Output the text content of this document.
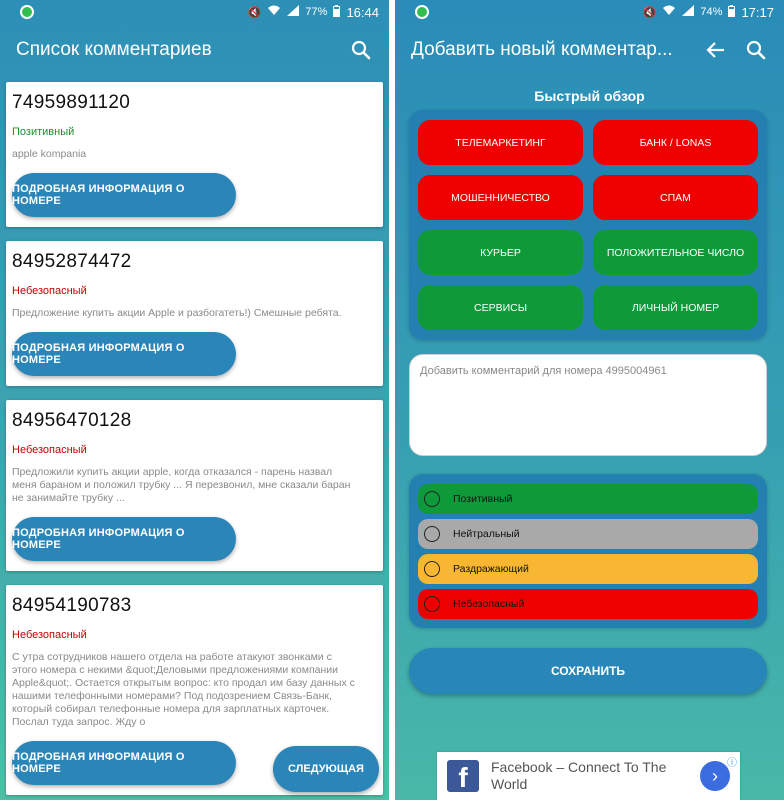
🔇	77% 16:44
Список комментариев
74959891120
Позитивный
apple kompania
ПОДРОБНАЯ ИНФОРМАЦИЯ О НОМЕРЕ
84952874472
Небезопасный
Предложение купить акции Apple и разбогатеть!) Смешные ребята.
ПОДРОБНАЯ ИНФОРМАЦИЯ О НОМЕРЕ
84956470128
Небезопасный
Предложили купить акции apple, когда отказался - парень назвал меня бараном и положил трубку ... Я перезвонил, мне сказали баран не занимайте трубку ...
ПОДРОБНАЯ ИНФОРМАЦИЯ О НОМЕРЕ
84954190783
Небезопасный
С утра сотрудников нашего отдела на работе атакуют звонками с этого номера с некими &quot;Деловыми предложениями компании Apple&quot;. Остается открытым вопрос: кто продал им базу данных с нашими телефонными номерами? Под подозрением Связь-Банк, который собирал телефонные номера для зарплатных карточек. Послал туда запрос. Жду о
ПОДРОБНАЯ ИНФОРМАЦИЯ О НОМЕРЕ	СЛЕДУЮЩАЯ
🔇	74% 17:17
Добавить новый комментар...
Быстрый обзор
ТЕЛЕМАРКЕТИНГ	БАНК / LONAS
МОШЕННИЧЕСТВО	СПАМ
КУРЬЕР	ПОЛОЖИТЕЛЬНОЕ ЧИСЛО
СЕРВИСЫ	ЛИЧНЫЙ НОМЕР
Добавить комментарий для номера 4995004961
Позитивный
Нейтральный
Раздражающий
Небезопасный
СОХРАНИТЬ
f	Facebook – Connect To The World	›
ⓘ
